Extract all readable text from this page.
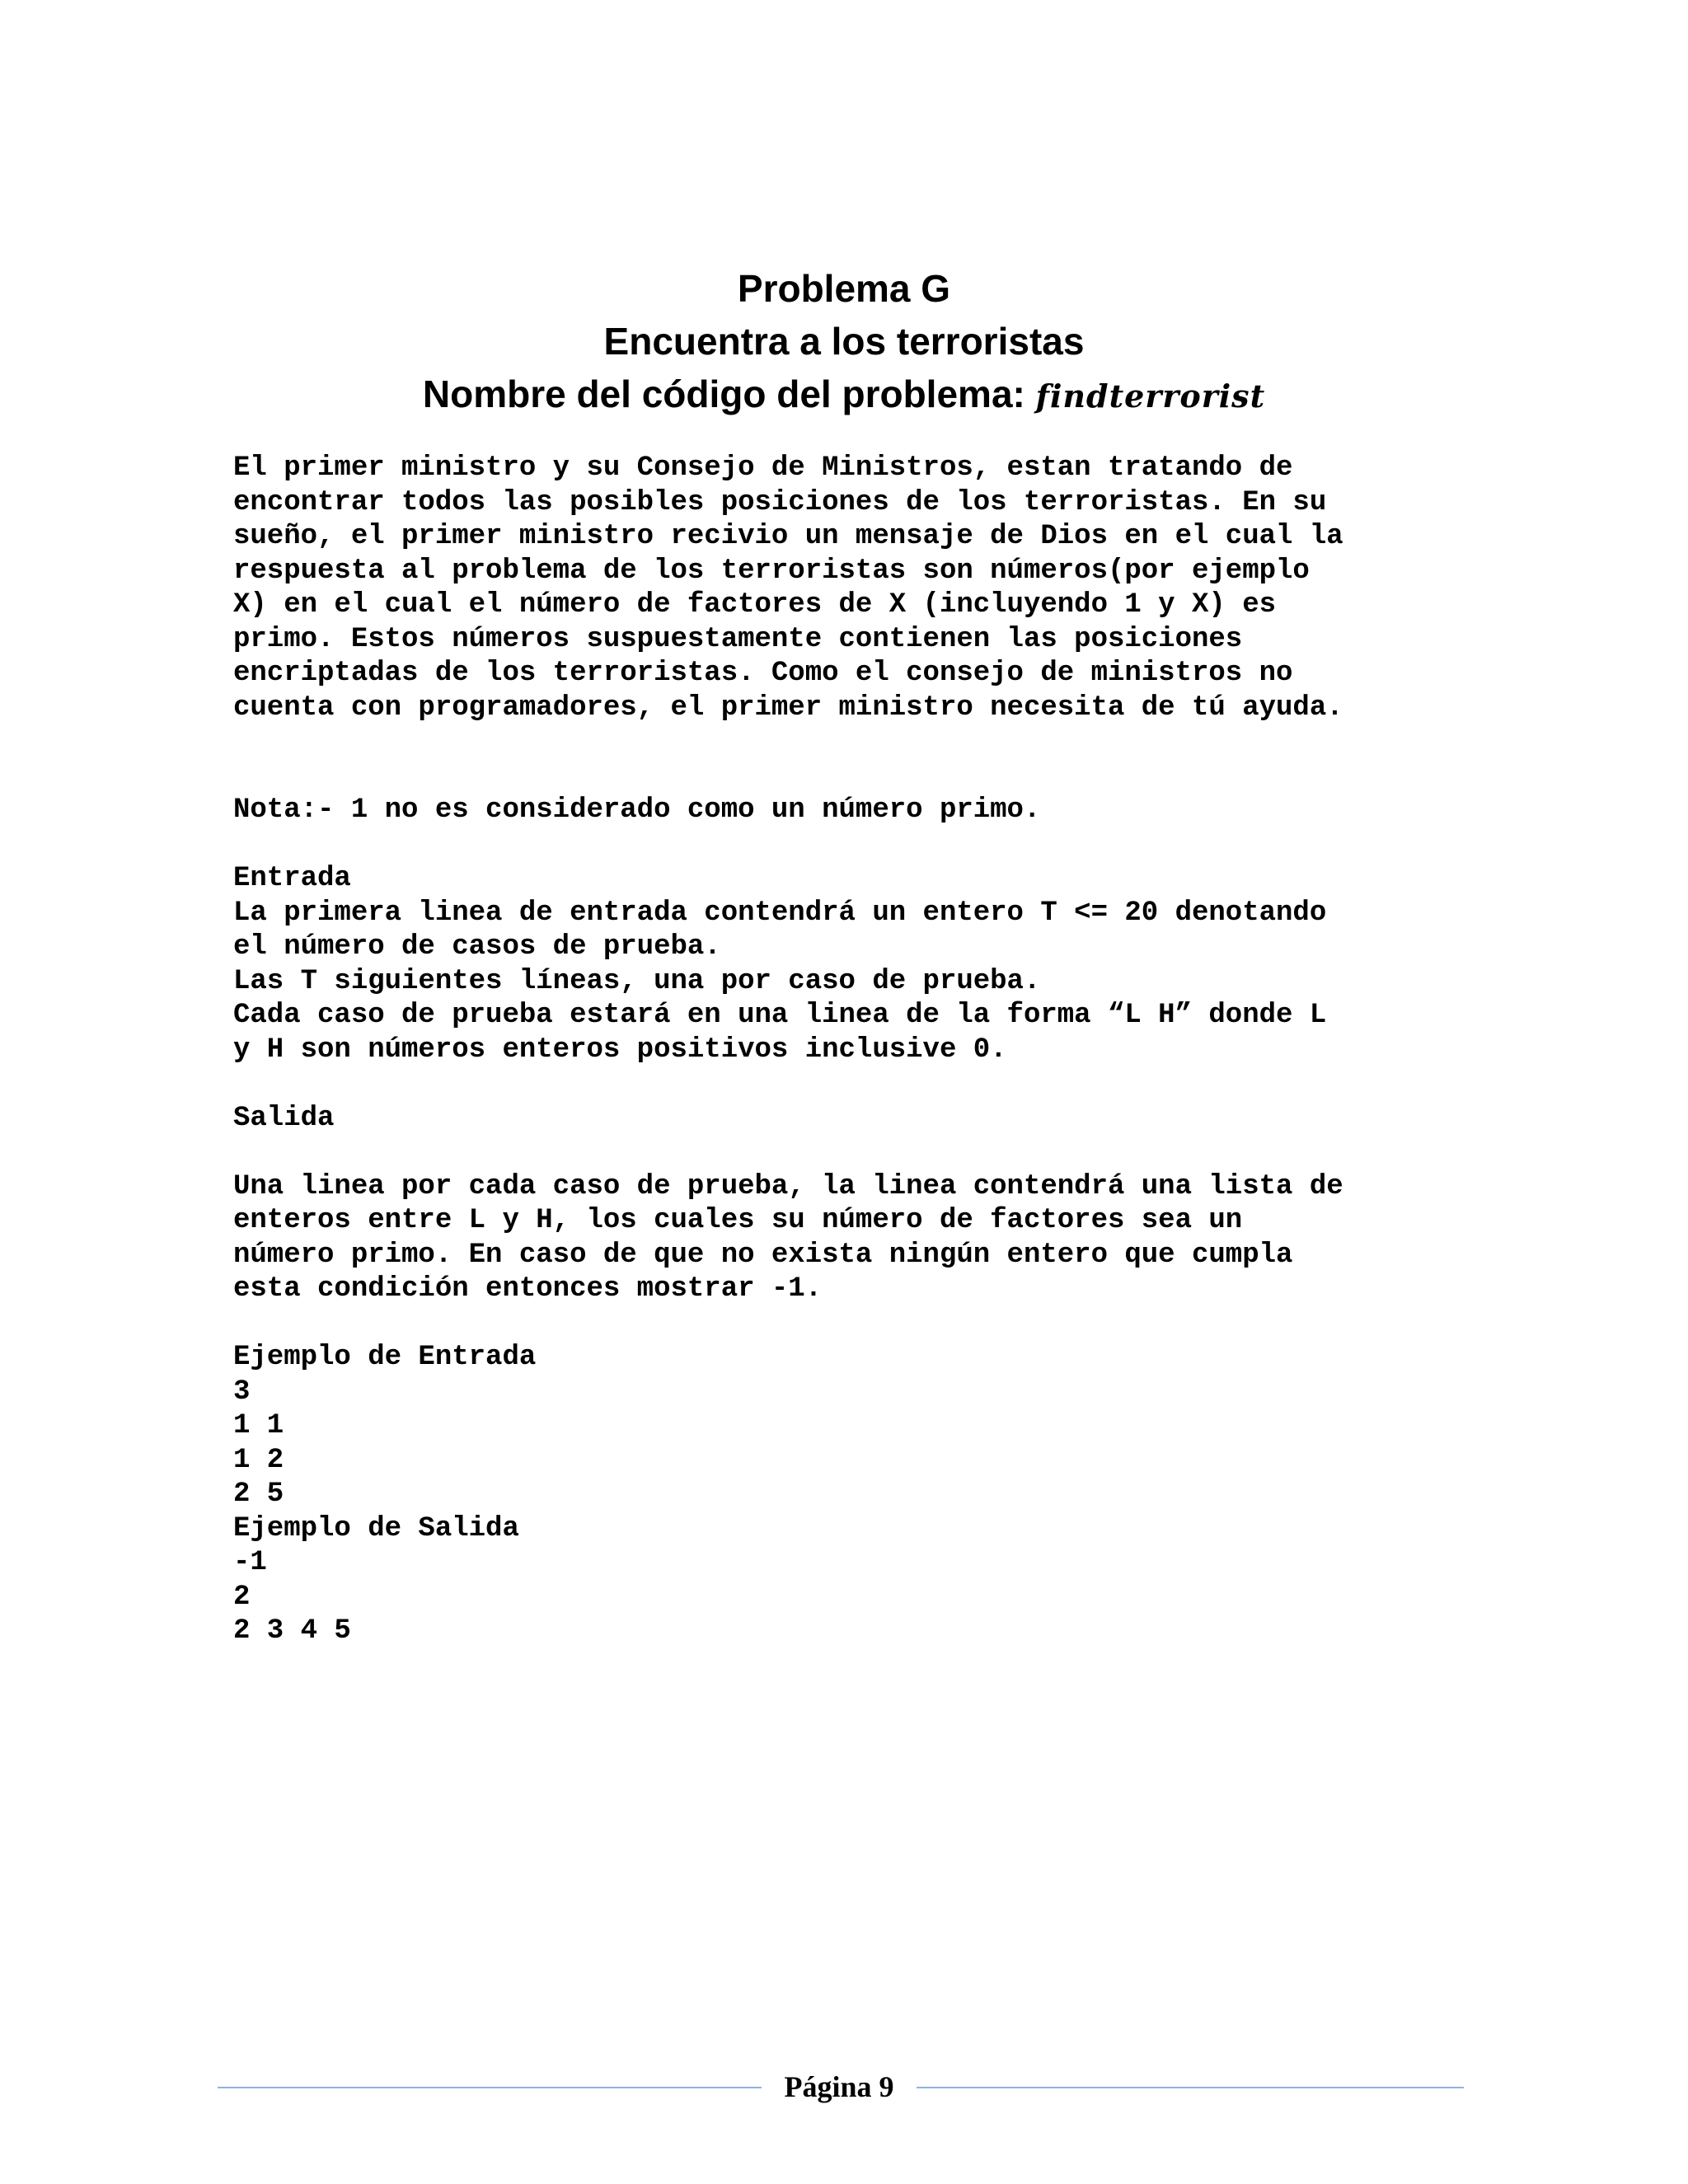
Problema G
Encuentra a los terroristas
Nombre del código del problema: findterrorist
El primer ministro y su Consejo de Ministros, estan tratando de
encontrar todos las posibles posiciones de los terroristas. En su
sueño, el primer ministro recivio un mensaje de Dios en el cual la
respuesta al problema de los terroristas son números(por ejemplo
X) en el cual el número de factores de X (incluyendo 1 y X) es
primo. Estos números suspuestamente contienen las posiciones
encriptadas de los terroristas. Como el consejo de ministros no
cuenta con programadores, el primer ministro necesita de tú ayuda.
Nota:- 1 no es considerado como un número primo.
Entrada
La primera linea de entrada contendrá un entero T <= 20 denotando
el número de casos de prueba.
Las T siguientes líneas, una por caso de prueba.
Cada caso de prueba estará en una linea de la forma “L H” donde L
y H son números enteros positivos inclusive 0.
Salida
Una linea por cada caso de prueba, la linea contendrá una lista de
enteros entre L y H, los cuales su número de factores sea un
número primo. En caso de que no exista ningún entero que cumpla
esta condición entonces mostrar -1.
Ejemplo de Entrada
3
1 1
1 2
2 5
Ejemplo de Salida
-1
2
2 3 4 5
Página 9
